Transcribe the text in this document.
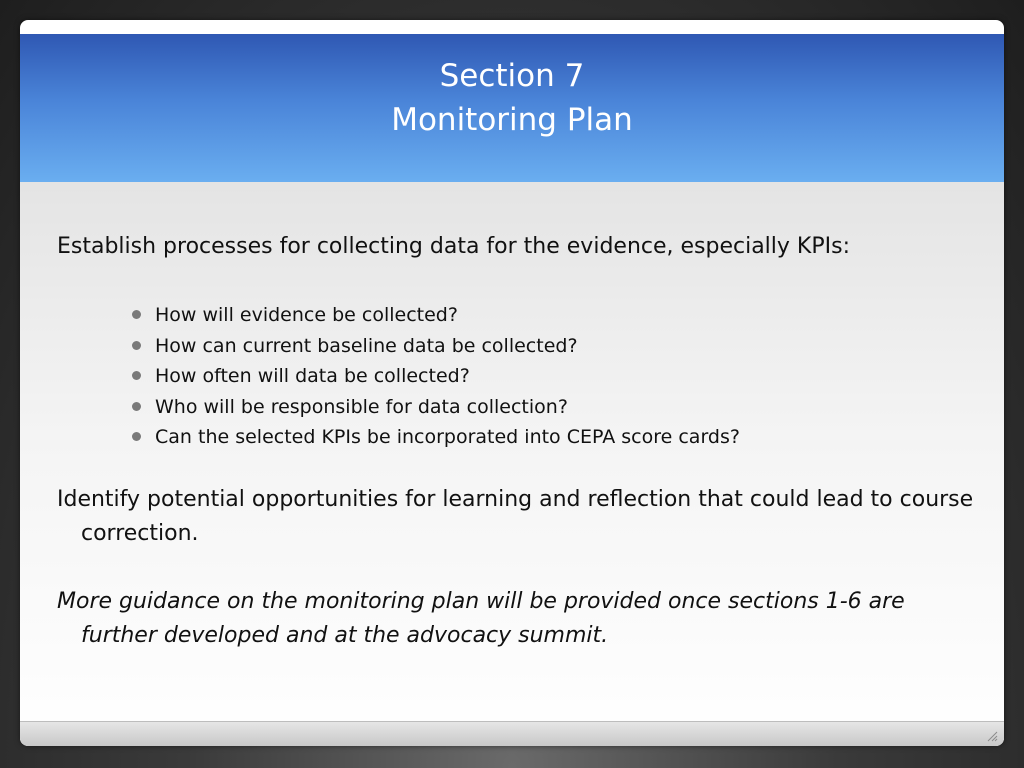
Section 7
Monitoring Plan

Establish processes for collecting data for the evidence, especially KPIs:

How will evidence be collected?
How can current baseline data be collected?
How often will data be collected?
Who will be responsible for data collection?
Can the selected KPIs be incorporated into CEPA score cards?

Identify potential opportunities for learning and reflection that could lead to course correction.

More guidance on the monitoring plan will be provided once sections 1-6 are further developed and at the advocacy summit.
